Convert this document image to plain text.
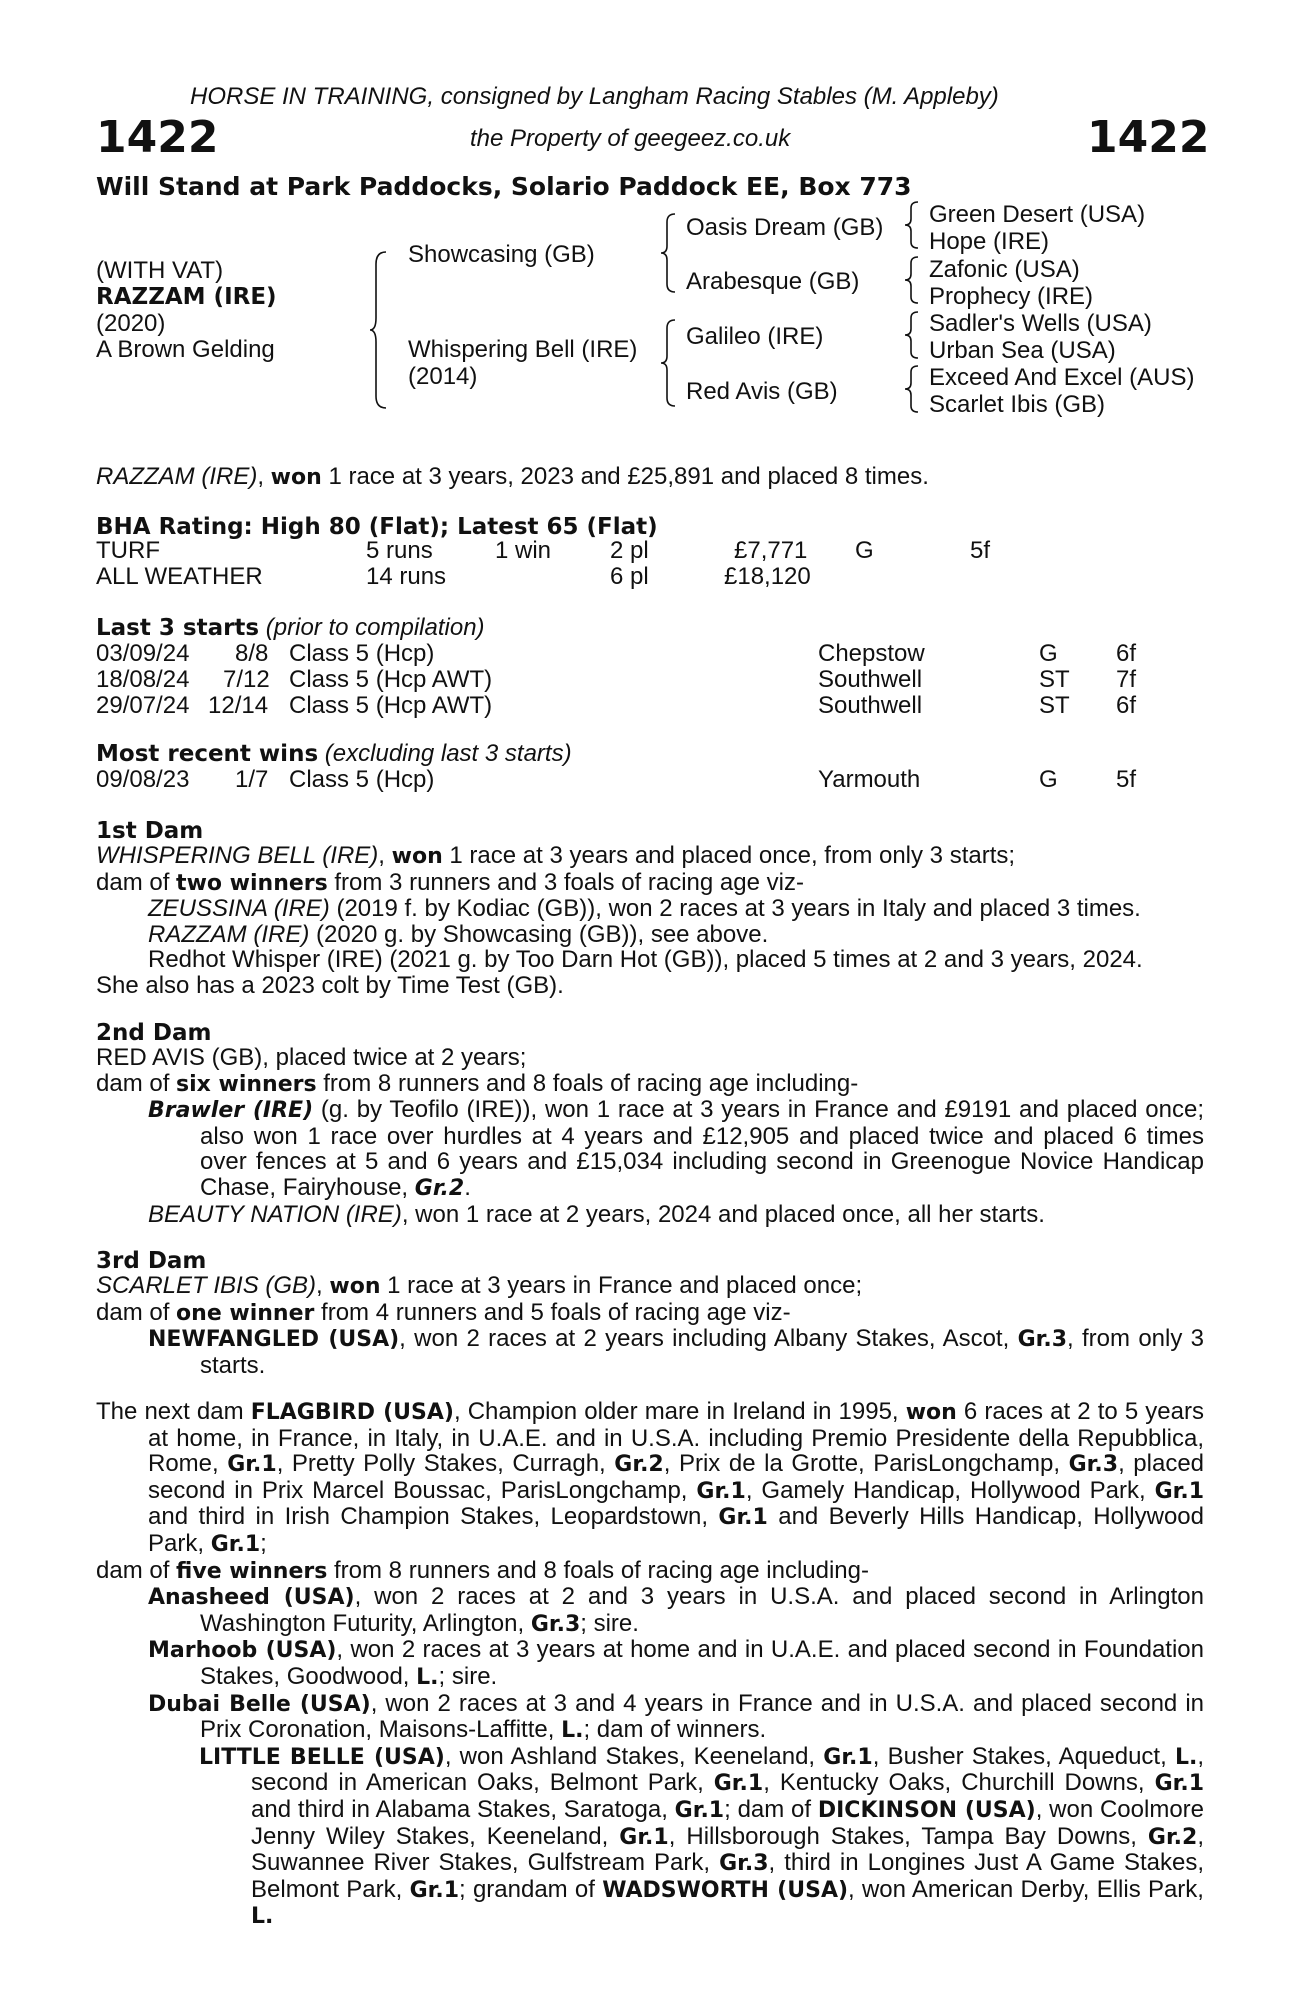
HORSE IN TRAINING, consigned by Langham Racing Stables (M. Appleby)
1422	the Property of geegeez.co.uk	1422
Will Stand at Park Paddocks, Solario Paddock EE, Box 773
(WITH VAT)
RAZZAM (IRE)
(2020)
A Brown Gelding
Showcasing (GB)
Whispering Bell (IRE)
(2014)
Oasis Dream (GB)
Arabesque (GB)
Galileo (IRE)
Red Avis (GB)
Green Desert (USA)
Hope (IRE)
Zafonic (USA)
Prophecy (IRE)
Sadler's Wells (USA)
Urban Sea (USA)
Exceed And Excel (AUS)
Scarlet Ibis (GB)
RAZZAM (IRE), won 1 race at 3 years, 2023 and £25,891 and placed 8 times.
BHA Rating: High 80 (Flat); Latest 65 (Flat)
TURF	5 runs	1 win 2 pl	£7,771 G	5f
ALL WEATHER	14 runs	6 pl	£18,120
Last 3 starts (prior to compilation)
03/09/24 8/8 Class 5 (Hcp)	Chepstow	G 6f
18/08/24 7/12 Class 5 (Hcp AWT)	Southwell	ST 7f
29/07/24 12/14 Class 5 (Hcp AWT)	Southwell	ST 6f
Most recent wins (excluding last 3 starts)
09/08/23 1/7 Class 5 (Hcp)	Yarmouth	G 5f
1st Dam

WHISPERING BELL (IRE), won 1 race at 3 years and placed once, from only 3 starts;

dam of two winners from 3 runners and 3 foals of racing age viz-

ZEUSSINA (IRE) (2019 f. by Kodiac (GB)), won 2 races at 3 years in Italy and placed 3 times.

RAZZAM (IRE) (2020 g. by Showcasing (GB)), see above.

Redhot Whisper (IRE) (2021 g. by Too Darn Hot (GB)), placed 5 times at 2 and 3 years, 2024.

She also has a 2023 colt by Time Test (GB).

2nd Dam

RED AVIS (GB), placed twice at 2 years;

dam of six winners from 8 runners and 8 foals of racing age including-

Brawler (IRE) (g. by Teofilo (IRE)), won 1 race at 3 years in France and £9191 and placed once; also won 1 race over hurdles at 4 years and £12,905 and placed twice and placed 6 times over fences at 5 and 6 years and £15,034 including second in Greenogue Novice Handicap Chase, Fairyhouse, Gr.2.

BEAUTY NATION (IRE), won 1 race at 2 years, 2024 and placed once, all her starts.

3rd Dam

SCARLET IBIS (GB), won 1 race at 3 years in France and placed once;

dam of one winner from 4 runners and 5 foals of racing age viz-

NEWFANGLED (USA), won 2 races at 2 years including Albany Stakes, Ascot, Gr.3, from only 3 starts.

The next dam FLAGBIRD (USA), Champion older mare in Ireland in 1995, won 6 races at 2 to 5 years at home, in France, in Italy, in U.A.E. and in U.S.A. including Premio Presidente della Repubblica, Rome, Gr.1, Pretty Polly Stakes, Curragh, Gr.2, Prix de la Grotte, ParisLongchamp, Gr.3, placed second in Prix Marcel Boussac, ParisLongchamp, Gr.1, Gamely Handicap, Hollywood Park, Gr.1 and third in Irish Champion Stakes, Leopardstown, Gr.1 and Beverly Hills Handicap, Hollywood Park, Gr.1;

dam of five winners from 8 runners and 8 foals of racing age including-

Anasheed (USA), won 2 races at 2 and 3 years in U.S.A. and placed second in Arlington Washington Futurity, Arlington, Gr.3; sire.

Marhoob (USA), won 2 races at 3 years at home and in U.A.E. and placed second in Foundation Stakes, Goodwood, L.; sire.

Dubai Belle (USA), won 2 races at 3 and 4 years in France and in U.S.A. and placed second in Prix Coronation, Maisons-Laffitte, L.; dam of winners.

LITTLE BELLE (USA), won Ashland Stakes, Keeneland, Gr.1, Busher Stakes, Aqueduct, L., second in American Oaks, Belmont Park, Gr.1, Kentucky Oaks, Churchill Downs, Gr.1 and third in Alabama Stakes, Saratoga, Gr.1; dam of DICKINSON (USA), won Coolmore Jenny Wiley Stakes, Keeneland, Gr.1, Hillsborough Stakes, Tampa Bay Downs, Gr.2, Suwannee River Stakes, Gulfstream Park, Gr.3, third in Longines Just A Game Stakes, Belmont Park, Gr.1; grandam of WADSWORTH (USA), won American Derby, Ellis Park, L.
